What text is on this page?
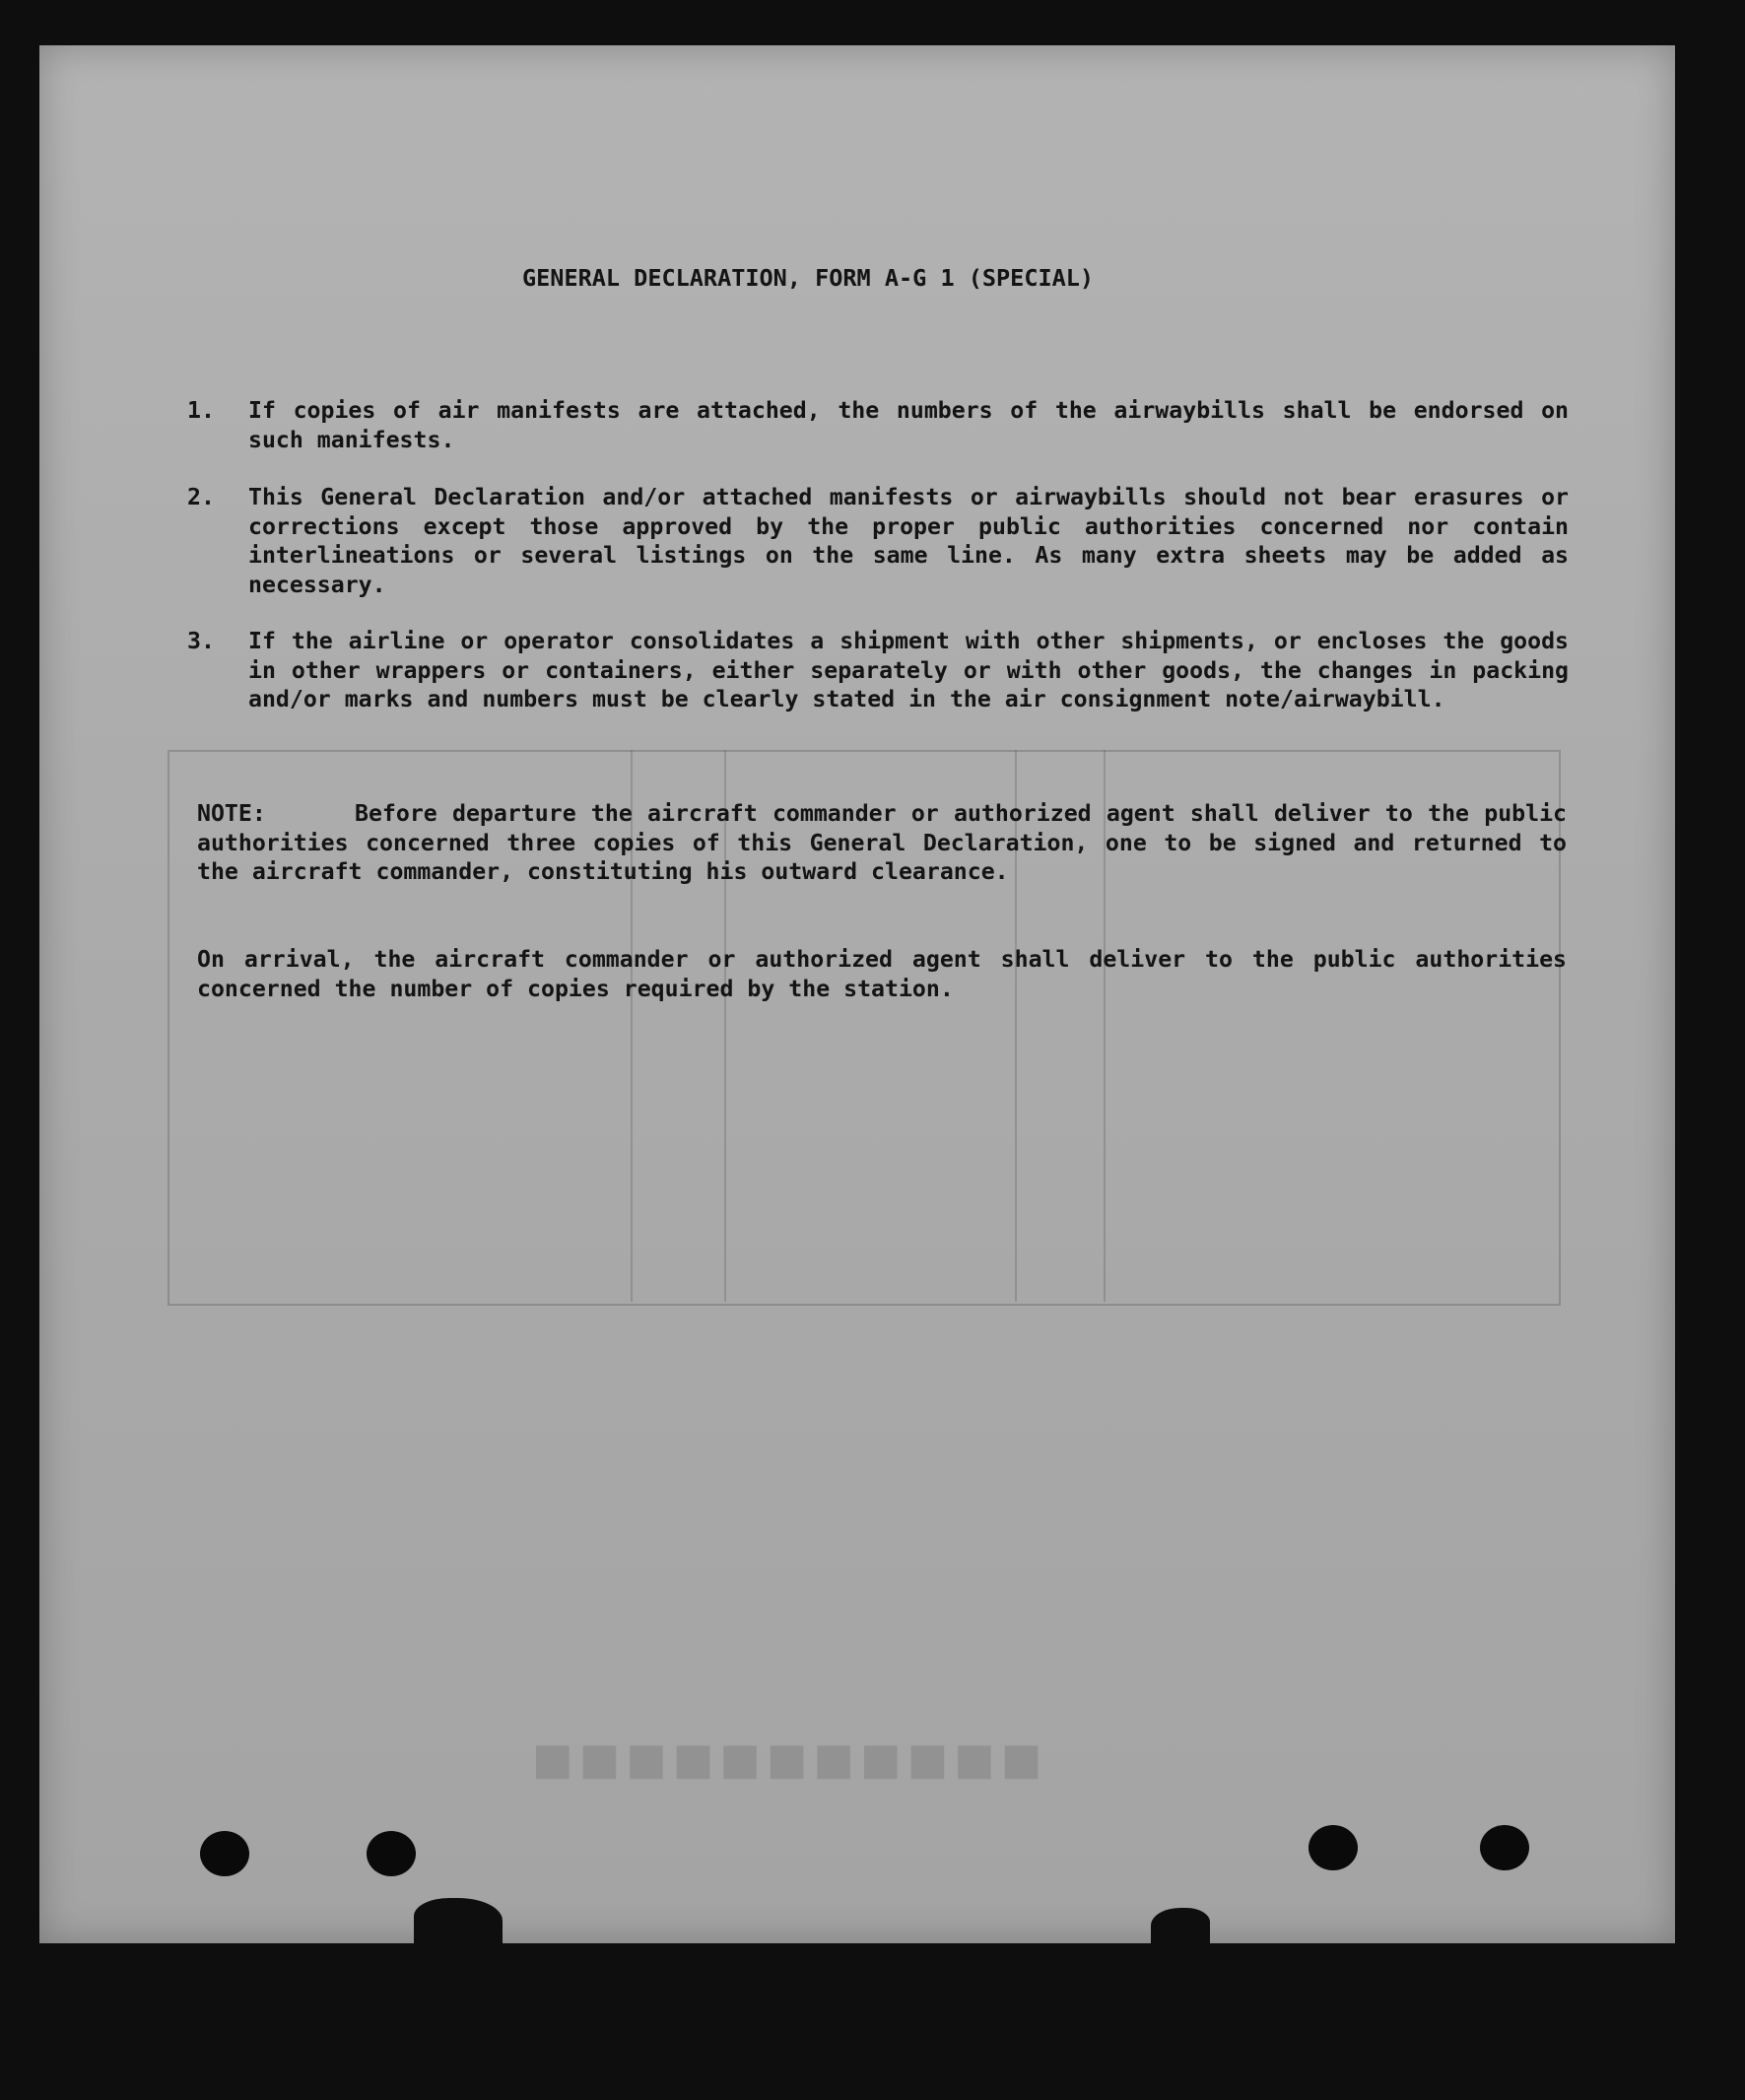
■■■■■■■■■■■
GENERAL DECLARATION, FORM A-G 1 (SPECIAL)
1. If copies of air manifests are attached, the numbers of the airwaybills shall be endorsed on such manifests.
2. This General Declaration and/or attached manifests or airwaybills should not bear erasures or corrections except those approved by the proper public authorities concerned nor contain interlineations or several listings on the same line. As many extra sheets may be added as necessary.
3. If the airline or operator consolidates a shipment with other shipments, or encloses the goods in other wrappers or containers, either separately or with other goods, the changes in packing and/or marks and numbers must be clearly stated in the air consignment note/airwaybill.
NOTE:	Before departure the aircraft commander or authorized agent shall deliver to the public authorities concerned three copies of this General Declaration, one to be signed and returned to the aircraft commander, constituting his outward clearance.
On arrival, the aircraft commander or authorized agent shall deliver to the public authorities concerned the number of copies required by the station.
